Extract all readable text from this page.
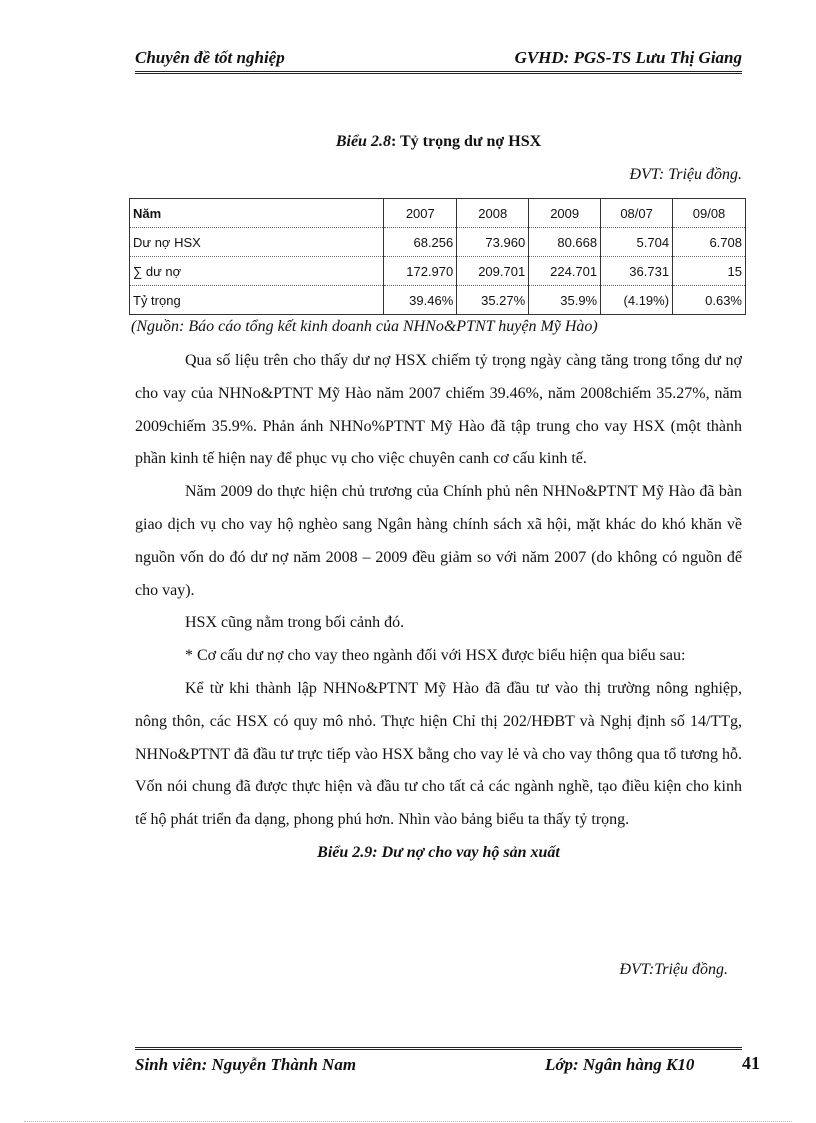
Chuyên đề tốt nghiệp	GVHD: PGS-TS Lưu Thị Giang
Biểu 2.8: Tỷ trọng dư nợ HSX
ĐVT: Triệu đồng.
Năm	2007	2008	2009	08/07	09/08
Dư nợ HSX	68.256	73.960	80.668	5.704	6.708
∑ dư nợ	172.970	209.701	224.701	36.731	15
Tỷ trọng	39.46%	35.27%	35.9%	(4.19%)	0.63%
(Nguồn: Báo cáo tổng kết kinh doanh của NHNo&PTNT huyện Mỹ Hào)

Qua số liệu trên cho thấy dư nợ HSX chiếm tỷ trọng ngày càng tăng trong tổng dư nợ cho vay của NHNo&PTNT Mỹ Hào năm 2007 chiếm 39.46%, năm 2008chiếm 35.27%, năm 2009chiếm 35.9%. Phản ánh NHNo%PTNT Mỹ Hào đã tập trung cho vay HSX (một thành phần kinh tế hiện nay để phục vụ cho việc chuyên canh cơ cấu kinh tế.

Năm 2009 do thực hiện chủ trương của Chính phủ nên NHNo&PTNT Mỹ Hào đã bàn giao dịch vụ cho vay hộ nghèo sang Ngân hàng chính sách xã hội, mặt khác do khó khăn về nguồn vốn do đó dư nợ năm 2008 – 2009 đều giảm so với năm 2007 (do không có nguồn để cho vay).

HSX cũng nằm trong bối cảnh đó.

* Cơ cấu dư nợ cho vay theo ngành đối với HSX được biểu hiện qua biểu sau:

Kể từ khi thành lập NHNo&PTNT Mỹ Hào đã đầu tư vào thị trường nông nghiệp, nông thôn, các HSX có quy mô nhỏ. Thực hiện Chỉ thị 202/HĐBT và Nghị định số 14/TTg, NHNo&PTNT đã đầu tư trực tiếp vào HSX bằng cho vay lẻ và cho vay thông qua tổ tương hỗ. Vốn nói chung đã được thực hiện và đầu tư cho tất cả các ngành nghề, tạo điều kiện cho kinh tế hộ phát triển đa dạng, phong phú hơn. Nhìn vào bảng biểu ta thấy tỷ trọng.

Biểu 2.9: Dư nợ cho vay hộ sản xuất

ĐVT:Triệu đồng.
Sinh viên: Nguyễn Thành Nam	Lớp: Ngân hàng K10	41
